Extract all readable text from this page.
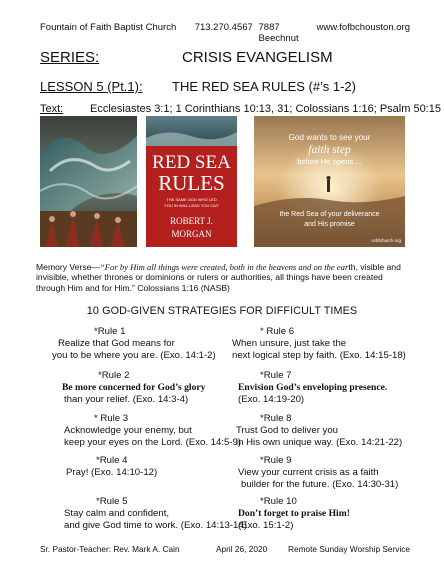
Fountain of Faith Baptist Church	713.270.4567 7887 Beechnut
www.fofbchouston.org
SERIES:	CRISIS EVANGELISM
LESSON 5 (Pt.1): THE RED SEA RULES (#’s 1-2)
Text: Ecclesiastes 3:1; 1 Corinthians 10:13, 31; Colossians 1:16; Psalm 50:15
RED SEA
RULES
THE SAME GOD WHO LED
YOU IN WILL LEAD YOU OUT
ROBERT J.
MORGAN
God wants to see your
faith step
before He opens ...
the Red Sea of your deliverance
and His promise
ocbfchurch.org
Memory Verse—“For by Him all things were created, both in the heavens and on the earth, visible and invisible, whether thrones or dominions or rulers or authorities, all things have been created through Him and for Him.” Colossians 1:16 (NASB)
10 GOD-GIVEN STRATEGIES FOR DIFFICULT TIMES
*Rule 1
Realize that God means for
you to be where you are. (Exo. 14:1-2)
*Rule 2
Be more concerned for God’s glory
than your relief. (Exo. 14:3-4)
* Rule 3
Acknowledge your enemy, but
keep your eyes on the Lord. (Exo. 14:5-9)
*Rule 4
Pray! (Exo. 14:10-12)
*Rule 5
Stay calm and confident,
and give God time to work. (Exo. 14:13-14)
* Rule 6
When unsure, just take the
next logical step by faith. (Exo. 14:15-18)
*Rule 7
Envision God’s enveloping presence.
(Exo. 14:19-20)
*Rule 8
Trust God to deliver you
in His own unique way. (Exo. 14:21-22)
*Rule 9
View your current crisis as a faith
builder for the future. (Exo. 14:30-31)
*Rule 10
Don’t forget to praise Him!
(Exo. 15:1-2)
Sr. Pastor-Teacher: Rev. Mark A. Cain	April 26, 2020	Remote Sunday Worship Service
